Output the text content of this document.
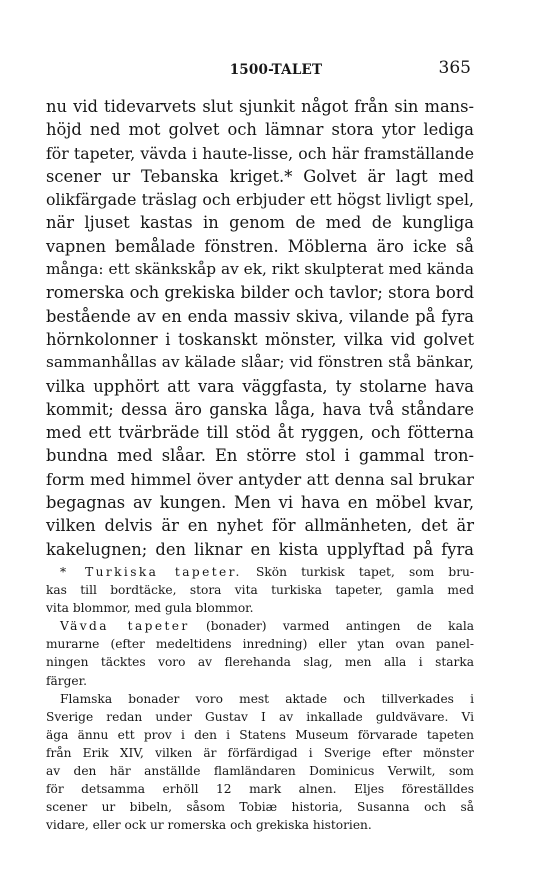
1500-TALET	365
nu vid tidevarvets slut sjunkit något från sin mans-
höjd ned mot golvet och lämnar stora ytor lediga
för tapeter, vävda i haute-lisse, och här framställande
scener ur Tebanska kriget.* Golvet är lagt med
olikfärgade träslag och erbjuder ett högst livligt spel,
när ljuset kastas in genom de med de kungliga
vapnen bemålade fönstren. Möblerna äro icke så
många: ett skänkskåp av ek, rikt skulpterat med kända
romerska och grekiska bilder och tavlor; stora bord
bestående av en enda massiv skiva, vilande på fyra
hörnkolonner i toskanskt mönster, vilka vid golvet
sammanhållas av kälade slåar; vid fönstren stå bänkar,
vilka upphört att vara väggfasta, ty stolarne hava
kommit; dessa äro ganska låga, hava två ståndare
med ett tvärbräde till stöd åt ryggen, och fötterna
bundna med slåar. En större stol i gammal tron-
form med himmel över antyder att denna sal brukar
begagnas av kungen. Men vi hava en möbel kvar,
vilken delvis är en nyhet för allmänheten, det är
kakelugnen; den liknar en kista upplyftad på fyra
* Turkiska tapeter. Skön turkisk tapet, som bru-
kas till bordtäcke, stora vita turkiska tapeter, gamla med
vita blommor, med gula blommor.
Vävda tapeter (bonader) varmed antingen de kala
murarne (efter medeltidens inredning) eller ytan ovan panel-
ningen täcktes voro av flerehanda slag, men alla i starka
färger.
Flamska bonader voro mest aktade och tillverkades i
Sverige redan under Gustav I av inkallade guldvävare. Vi
äga ännu ett prov i den i Statens Museum förvarade tapeten
från Erik XIV, vilken är förfärdigad i Sverige efter mönster
av den här anställde flamländaren Dominicus Verwilt, som
för detsamma erhöll 12 mark alnen. Eljes föreställdes
scener ur bibeln, såsom Tobiæ historia, Susanna och så
vidare, eller ock ur romerska och grekiska historien.
